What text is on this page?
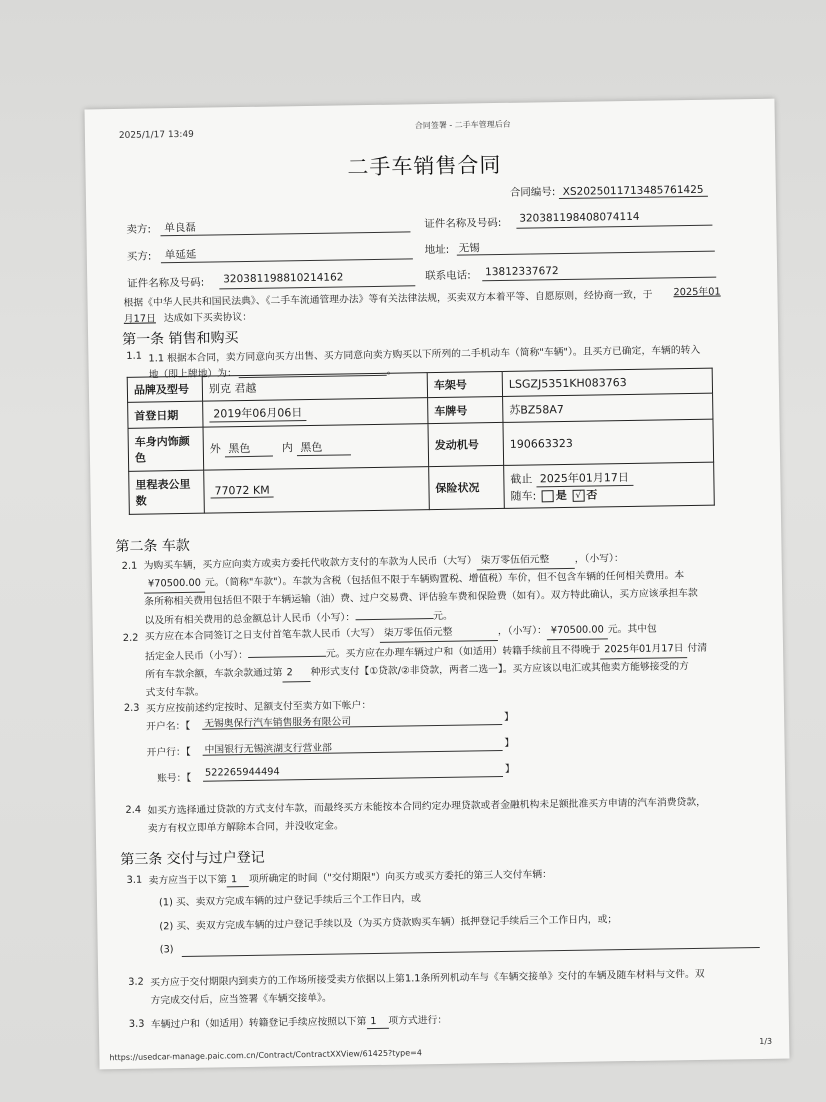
2025/1/17 13:49
合同签署 - 二手车管理后台
二手车销售合同
合同编号: XS2025011713485761425
卖方: 单良磊	证件名称及号码: 320381198408074114
买方: 单延延	地址: 无锡
证件名称及号码: 320381198810214162	联系电话: 13812337672
根据《中华人民共和国民法典》、《二手车流通管理办法》等有关法律法规，买卖双方本着平等、自愿原则，经协商一致，于 2025年01
月17日 达成如下买卖协议：
第一条 销售和购买
1.1 1.1 根据本合同，卖方同意向买方出售、买方同意向卖方购买以下所列的二手机动车（简称"车辆"）。且买方已确定，车辆的转入
地（即上牌地）为：	。
品牌及型号	别克 君越	车架号	LSGZJ5351KH083763
首登日期	2019年06月06日	车牌号	苏BZ58A7
车身内饰颜色	外 黑色 内 黑色	发动机号	190663323
里程表公里数	77072 KM	保险状况	截止 2025年01月17日
随车: 是 √ 否
第二条 车款
2.1 为购买车辆，买方应向卖方或卖方委托代收款方支付的车款为人民币（大写） 柒万零伍佰元整	，（小写）：
¥70500.00 元。（简称"车款"）。车款为含税（包括但不限于车辆购置税、增值税）车价，但不包含车辆的任何相关费用。本
条所称相关费用包括但不限于车辆运输（油）费、过户交易费、评估验车费和保险费（如有）。双方特此确认，买方应该承担车款
以及所有相关费用的总金额总计人民币（小写）：	元。
2.2 买方应在本合同签订之日支付首笔车款人民币（大写） 柒万零伍佰元整	，（小写）： ¥70500.00 元。其中包
括定金人民币（小写）：	元。买方应在办理车辆过户和（如适用）转籍手续前且不得晚于 2025年01月17日 付清
所有车款余额，车款余款通过第 2 种形式支付【①贷款/②非贷款，两者二选一】。买方应该以电汇或其他卖方能够接受的方
式支付车款。
2.3 买方应按前述约定按时、足额支付至卖方如下帐户：
开户名：【 无锡奥保行汽车销售服务有限公司	】
开户行：【 中国银行无锡滨湖支行营业部	】
账号：【 522265944494	】
2.4 如买方选择通过贷款的方式支付车款，而最终买方未能按本合同约定办理贷款或者金融机构未足额批准买方申请的汽车消费贷款，
卖方有权立即单方解除本合同，并没收定金。
第三条 交付与过户登记
3.1 卖方应当于以下第 1 项所确定的时间（"交付期限"）向买方或买方委托的第三人交付车辆：
(1) 买、卖双方完成车辆的过户登记手续后三个工作日内，或
(2) 买、卖双方完成车辆的过户登记手续以及（为买方贷款购买车辆）抵押登记手续后三个工作日内，或；
(3)
3.2 买方应于交付期限内到卖方的工作场所接受卖方依据以上第1.1条所列机动车与《车辆交接单》交付的车辆及随车材料与文件。双
方完成交付后，应当签署《车辆交接单》。
3.3 车辆过户和（如适用）转籍登记手续应按照以下第 1 项方式进行：
https://usedcar-manage.paic.com.cn/Contract/ContractXXView/61425?type=4
1/3
